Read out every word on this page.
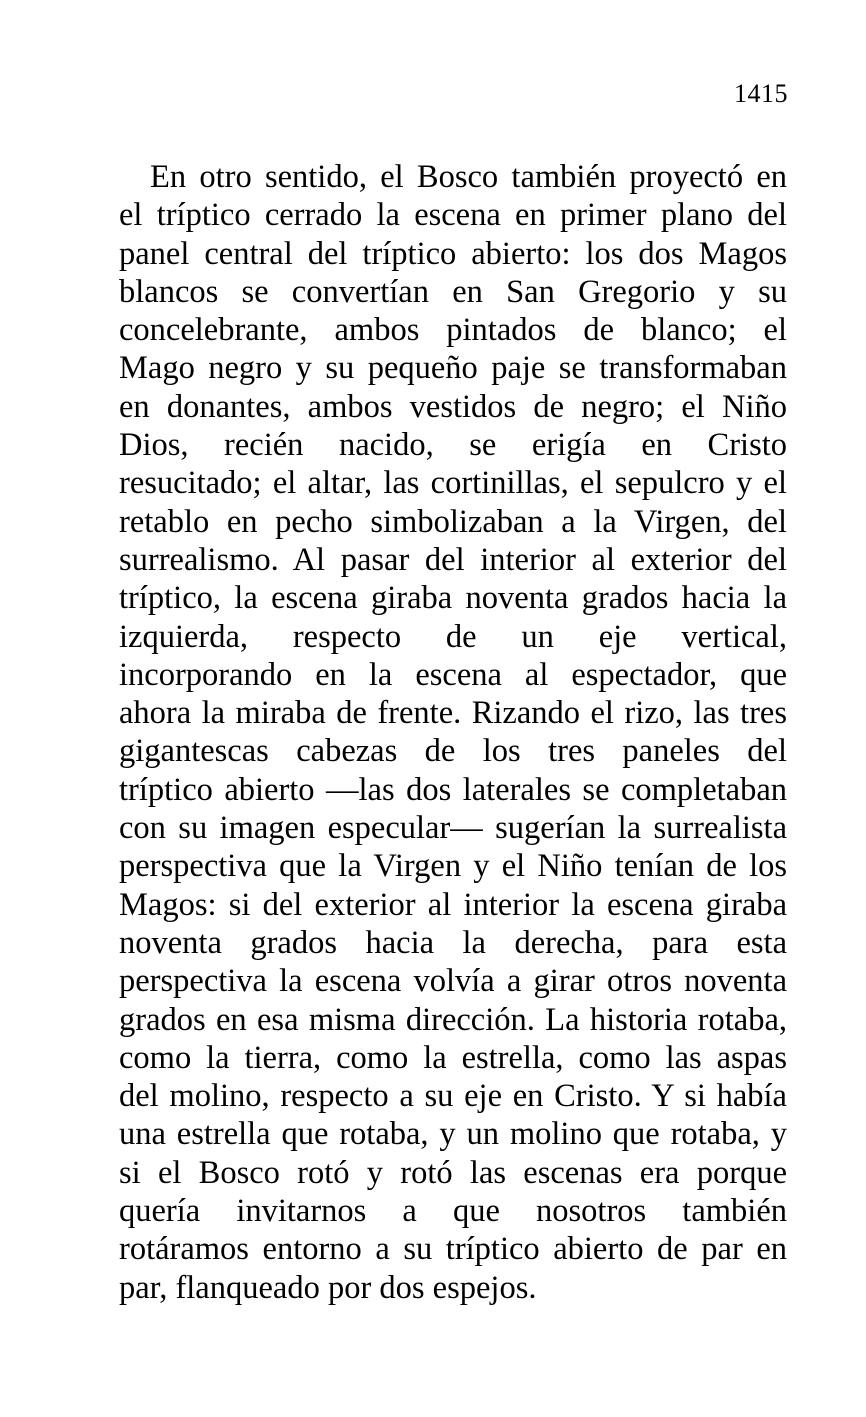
1415
En otro sentido, el Bosco también proyectó en
el tríptico cerrado la escena en primer plano del
panel central del tríptico abierto: los dos Magos
blancos se convertían en San Gregorio y su
concelebrante, ambos pintados de blanco; el
Mago negro y su pequeño paje se transformaban
en donantes, ambos vestidos de negro; el Niño
Dios, recién nacido, se erigía en Cristo
resucitado; el altar, las cortinillas, el sepulcro y el
retablo en pecho simbolizaban a la Virgen, del
surrealismo. Al pasar del interior al exterior del
tríptico, la escena giraba noventa grados hacia la
izquierda, respecto de un eje vertical,
incorporando en la escena al espectador, que
ahora la miraba de frente. Rizando el rizo, las tres
gigantescas cabezas de los tres paneles del
tríptico abierto —las dos laterales se completaban
con su imagen especular— sugerían la surrealista
perspectiva que la Virgen y el Niño tenían de los
Magos: si del exterior al interior la escena giraba
noventa grados hacia la derecha, para esta
perspectiva la escena volvía a girar otros noventa
grados en esa misma dirección. La historia rotaba,
como la tierra, como la estrella, como las aspas
del molino, respecto a su eje en Cristo. Y si había
una estrella que rotaba, y un molino que rotaba, y
si el Bosco rotó y rotó las escenas era porque
quería invitarnos a que nosotros también
rotáramos entorno a su tríptico abierto de par en
par, flanqueado por dos espejos.
